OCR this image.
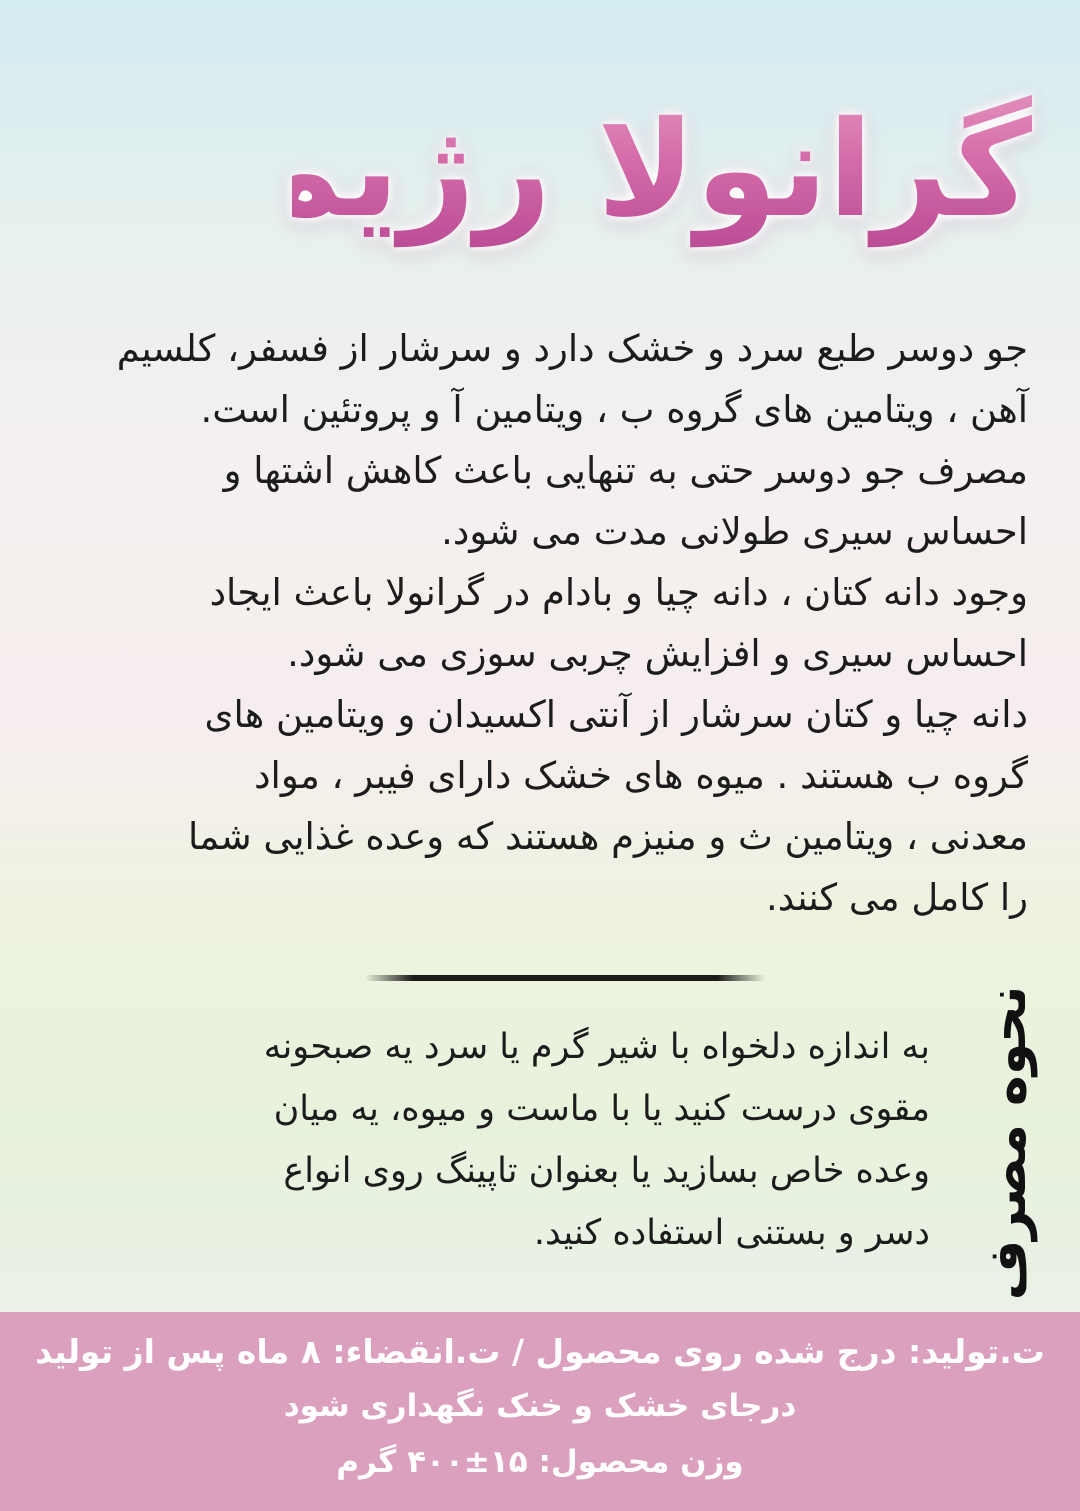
گرانولا رژیمی
جو دوسر طبع سرد و خشک دارد و سرشار از فسفر، کلسیم
آهن ، ویتامین های گروه ب ، ویتامین آ و پروتئین است.
مصرف جو دوسر حتی به تنهایی باعث کاهش اشتها و
احساس سیری طولانی مدت می شود.
وجود دانه کتان ، دانه چیا و بادام در گرانولا باعث ایجاد
احساس سیری و افزایش چربی سوزی می شود.
دانه چیا و کتان سرشار از آنتی اکسیدان و ویتامین های
گروه ب هستند . میوه های خشک دارای فیبر ، مواد
معدنی ، ویتامین ث و منیزم هستند که وعده غذایی شما
را کامل می کنند.
نحوه مصرف
به اندازه دلخواه با شیر گرم یا سرد یه صبحونه
مقوی درست کنید یا با ماست و میوه، یه میان
وعده خاص بسازید یا بعنوان تاپینگ روی انواع
دسر و بستنی استفاده کنید.

ت.تولید: درج شده روی محصول / ت.انقضاء: ۸ ماه پس از تولید

درجای خشک و خنک نگهداری شود

وزن محصول: ۱۵±۴۰۰ گرم
